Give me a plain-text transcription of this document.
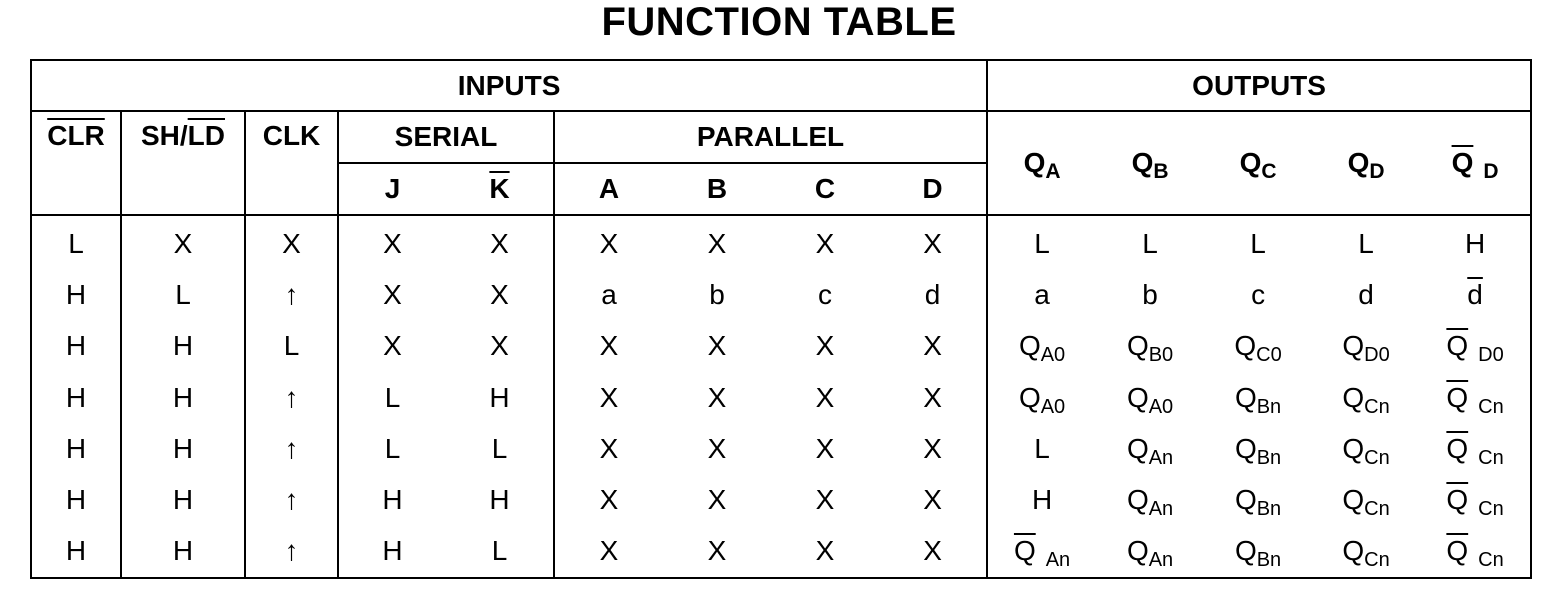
FUNCTION TABLE
INPUTS									OUTPUTS				
$\overline{CLR}$	$SH/\overline{LD}$	CLK	SERIAL		PARALLEL				$Q_A$	$Q_B$	$Q_C$	$Q_D$	$\overline{Q}$ $_D$
			J	$\overline{K}$	A	B	C	D					
L	X	X	X	X	X	X	X	X	L	L	L	L	H
H	L	↑	X	X	a	b	c	d	a	b	c	d	$\overline{d}$
H	H	L	X	X	X	X	X	X	$Q_{A0}$	$Q_{B0}$	$Q_{C0}$	$Q_{D0}$	$\overline{Q}$ $_{D0}$
H	H	↑	L	H	X	X	X	X	$Q_{A0}$	$Q_{A0}$	$Q_{Bn}$	$Q_{Cn}$	$\overline{Q}$ $_{Cn}$
H	H	↑	L	L	X	X	X	X	L	$Q_{An}$	$Q_{Bn}$	$Q_{Cn}$	$\overline{Q}$ $_{Cn}$
H	H	↑	H	H	X	X	X	X	H	$Q_{An}$	$Q_{Bn}$	$Q_{Cn}$	$\overline{Q}$ $_{Cn}$
H	H	↑	H	L	X	X	X	X	$\overline{Q}$ $_{An}$	$Q_{An}$	$Q_{Bn}$	$Q_{Cn}$	$\overline{Q}$ $_{Cn}$
